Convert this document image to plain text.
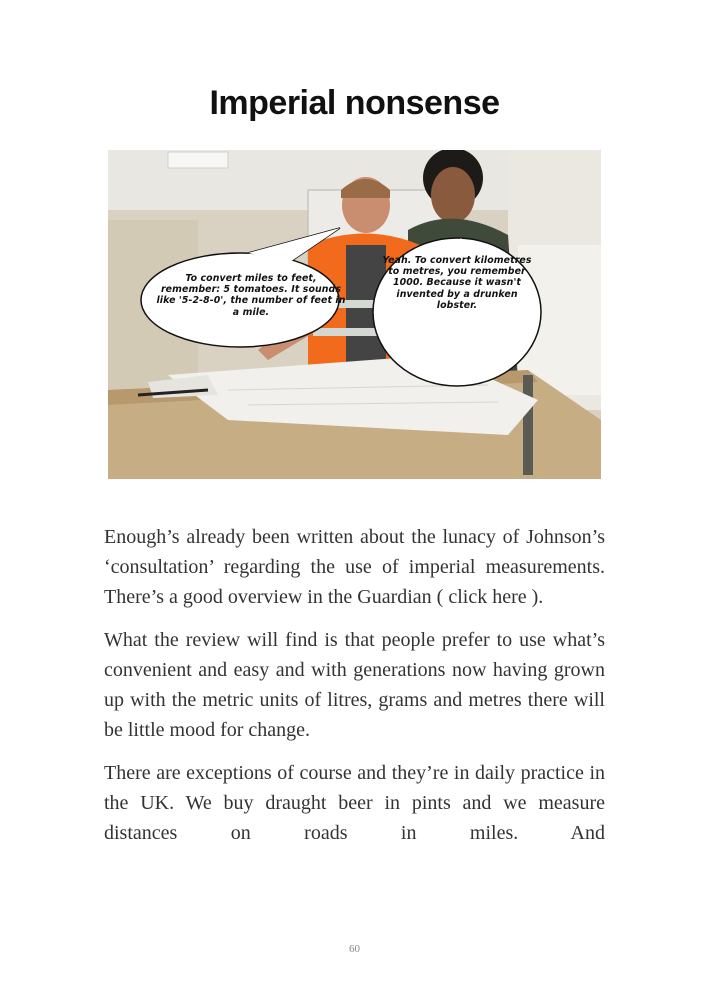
Imperial nonsense
To convert miles to feet, remember: 5 tomatoes. It sounds like '5-2-8-0', the number of feet in a mile.
Yeah. To convert kilometres to metres, you remember 1000. Because it wasn't invented by a drunken lobster.

Enough’s already been written about the lunacy of Johnson’s ‘consultation’ regarding the use of imperial measurements. There’s a good overview in the Guardian ( click here ).

What the review will find is that people prefer to use what’s convenient and easy and with generations now having grown up with the metric units of litres, grams and metres there will be little mood for change.

There are exceptions of course and they’re in daily practice in the UK. We buy draught beer in pints and we measure distances on roads in miles. And

60
